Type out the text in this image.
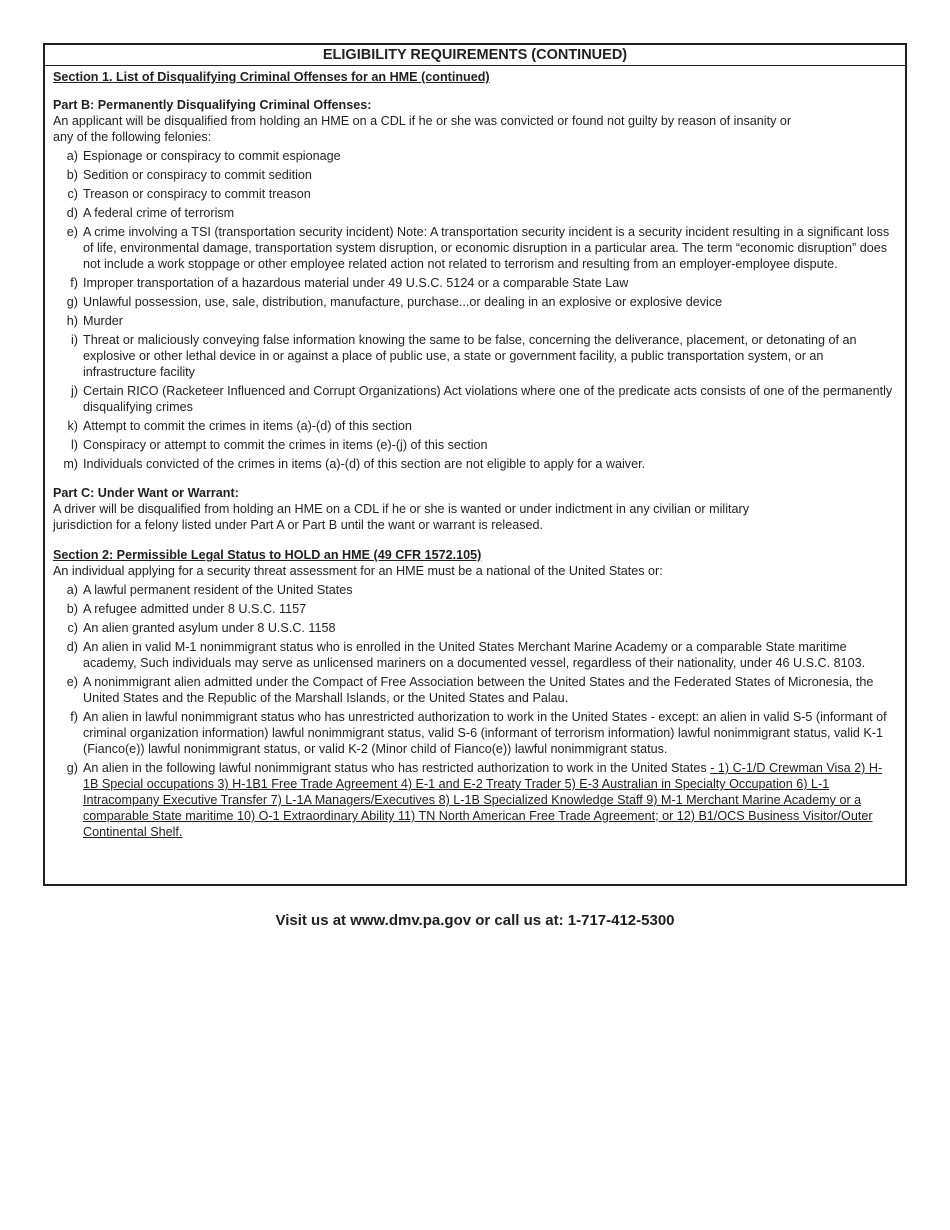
ELIGIBILITY REQUIREMENTS (CONTINUED)
Section 1. List of Disqualifying Criminal Offenses for an HME (continued)
Part B: Permanently Disqualifying Criminal Offenses:
An applicant will be disqualified from holding an HME on a CDL if he or she was convicted or found not guilty by reason of insanity or
any of the following felonies:
a) Espionage or conspiracy to commit espionage
b) Sedition or conspiracy to commit sedition
c) Treason or conspiracy to commit treason
d) A federal crime of terrorism
e) A crime involving a TSI (transportation security incident) Note: A transportation security incident is a security incident resulting in a significant loss of life, environmental damage, transportation system disruption, or economic disruption in a particular area. The term “economic disruption” does not include a work stoppage or other employee related action not related to terrorism and resulting from an employer-employee dispute.
f) Improper transportation of a hazardous material under 49 U.S.C. 5124 or a comparable State Law
g) Unlawful possession, use, sale, distribution, manufacture, purchase...or dealing in an explosive or explosive device
h) Murder
i) Threat or maliciously conveying false information knowing the same to be false, concerning the deliverance, placement, or detonating of an explosive or other lethal device in or against a place of public use, a state or government facility, a public transportation system, or an infrastructure facility
j) Certain RICO (Racketeer Influenced and Corrupt Organizations) Act violations where one of the predicate acts consists of one of the permanently disqualifying crimes
k) Attempt to commit the crimes in items (a)-(d) of this section
l) Conspiracy or attempt to commit the crimes in items (e)-(j) of this section
m) Individuals convicted of the crimes in items (a)-(d) of this section are not eligible to apply for a waiver.
Part C: Under Want or Warrant:
A driver will be disqualified from holding an HME on a CDL if he or she is wanted or under indictment in any civilian or military
jurisdiction for a felony listed under Part A or Part B until the want or warrant is released.
Section 2: Permissible Legal Status to HOLD an HME (49 CFR 1572.105)
An individual applying for a security threat assessment for an HME must be a national of the United States or:
a) A lawful permanent resident of the United States
b) A refugee admitted under 8 U.S.C. 1157
c) An alien granted asylum under 8 U.S.C. 1158
d) An alien in valid M-1 nonimmigrant status who is enrolled in the United States Merchant Marine Academy or a comparable State maritime academy, Such individuals may serve as unlicensed mariners on a documented vessel, regardless of their nationality, under 46 U.S.C. 8103.
e) A nonimmigrant alien admitted under the Compact of Free Association between the United States and the Federated States of Micronesia, the United States and the Republic of the Marshall Islands, or the United States and Palau.
f) An alien in lawful nonimmigrant status who has unrestricted authorization to work in the United States - except: an alien in valid S-5 (informant of criminal organization information) lawful nonimmigrant status, valid S-6 (informant of terrorism information) lawful nonimmigrant status, valid K-1 (Fianco(e)) lawful nonimmigrant status, or valid K-2 (Minor child of Fianco(e)) lawful nonimmigrant status.
g) An alien in the following lawful nonimmigrant status who has restricted authorization to work in the United States - 1) C-1/D Crewman Visa 2) H-1B Special occupations 3) H-1B1 Free Trade Agreement 4) E-1 and E-2 Treaty Trader 5) E-3 Australian in Specialty Occupation 6) L-1 Intracompany Executive Transfer 7) L-1A Managers/Executives 8) L-1B Specialized Knowledge Staff 9) M-1 Merchant Marine Academy or a comparable State maritime 10) O-1 Extraordinary Ability 11) TN North American Free Trade Agreement; or 12) B1/OCS Business Visitor/Outer Continental Shelf.
Visit us at www.dmv.pa.gov or call us at: 1-717-412-5300
